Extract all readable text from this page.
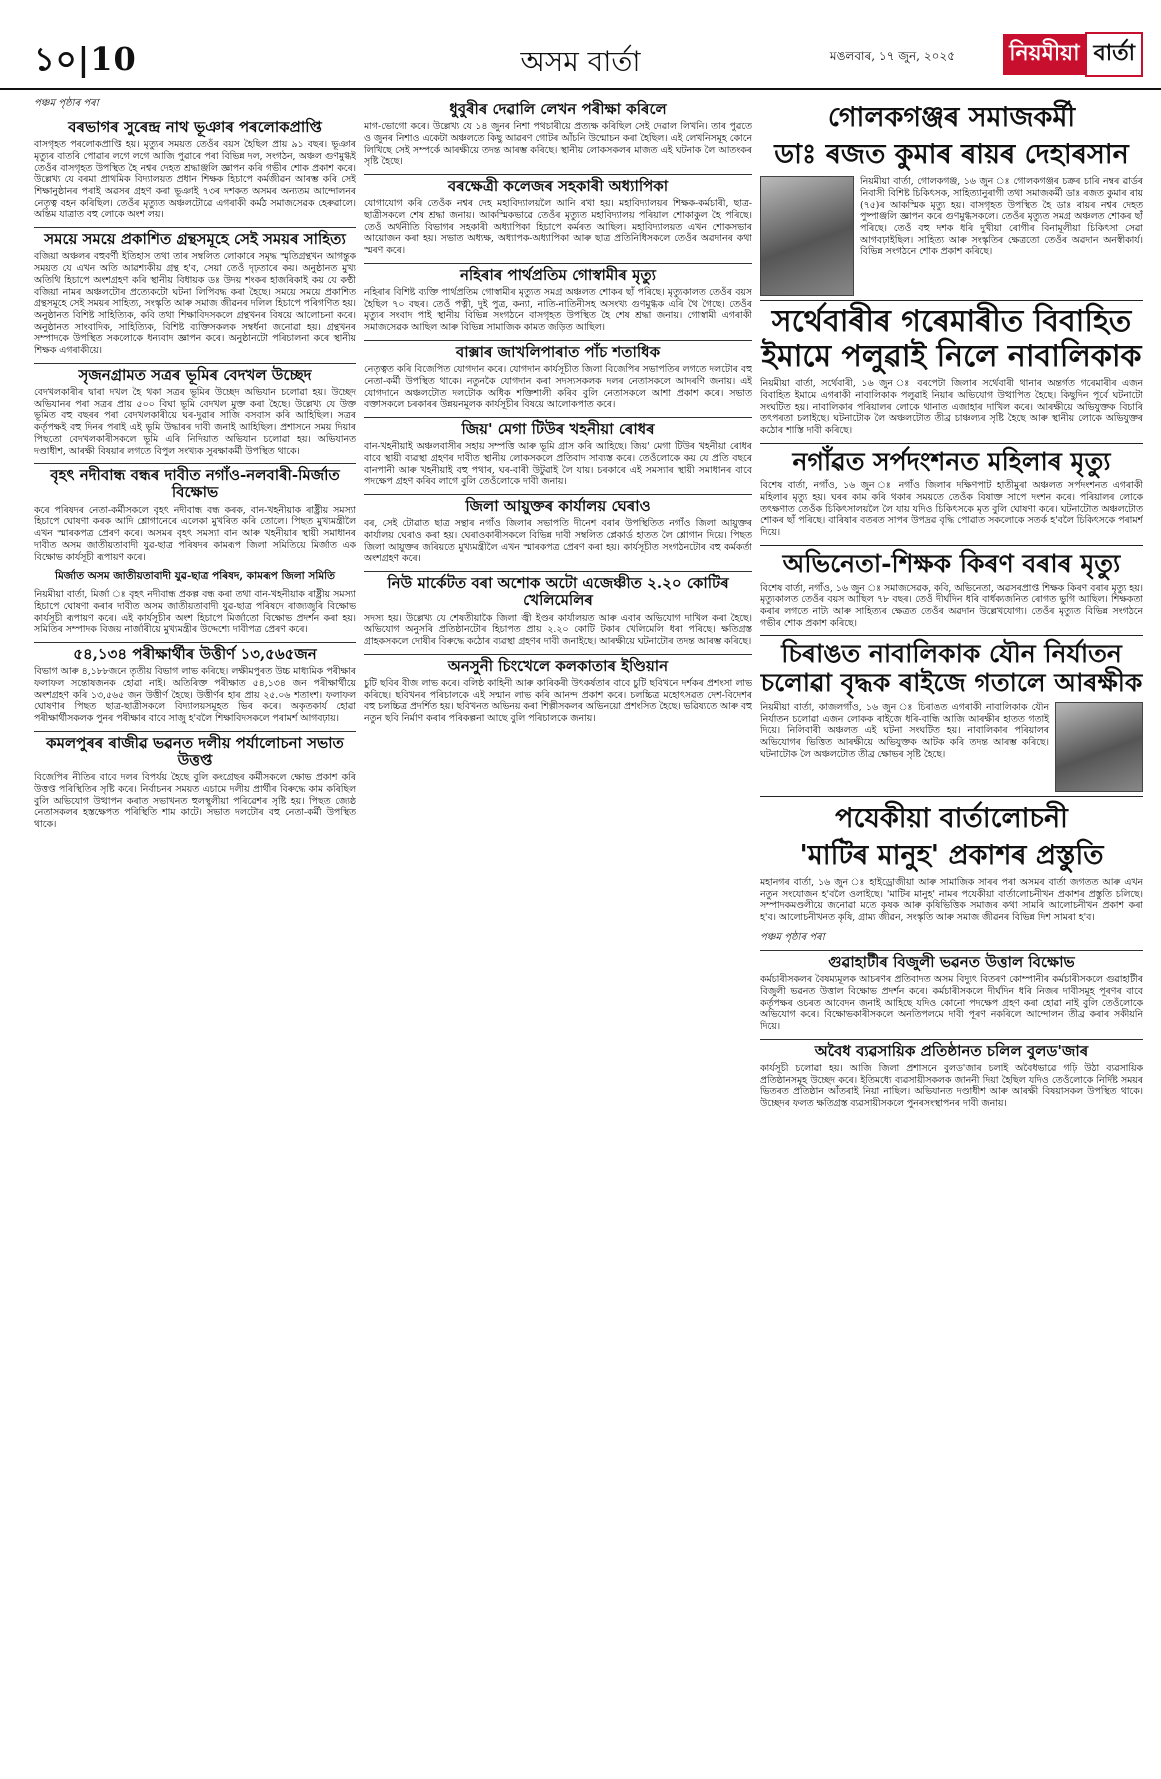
১০|10	অসম বাৰ্তা	মঙলবাৰ, ১৭ জুন, ২০২৫ নিয়মীয়া বাৰ্তা
পঞ্চম পৃষ্ঠাৰ পৰা
বৰভাগৰ সুৰেন্দ্ৰ নাথ ভূঞাৰ পৰলোকপ্ৰাপ্তি

বাসগৃহত পৰলোকপ্ৰাপ্তি হয়। মৃত্যুৰ সময়ত তেওঁৰ বয়স হৈছিল প্ৰায় ৯১ বছৰ। ভূঞাৰ মৃত্যুৰ বাতৰি পোৱাৰ লগে লগে আজি পুৱাৰে পৰা বিভিন্ন দল, সংগঠন, অঞ্চল গুণমুগ্ধই তেওঁৰ বাসগৃহত উপস্থিত হৈ নশ্বৰ দেহত শ্ৰদ্ধাঞ্জলি জ্ঞাপন কৰি গভীৰ শোক প্ৰকাশ কৰে। উল্লেখ্য যে বৰমা প্ৰাথমিক বিদ্যালয়ত প্ৰধান শিক্ষক হিচাপে কৰ্মজীৱন আৰম্ভ কৰি সেই শিক্ষানুষ্ঠানৰ পৰাই অৱসৰ গ্ৰহণ কৰা ভূঞাই ৭৩ৰ দশকত অসমৰ অন্যতম আন্দোলনৰ নেতৃত্ব বহন কৰিছিল। তেওঁৰ মৃত্যুত অঞ্চলটোৱে এগৰাকী কৰ্মঠ সমাজসেৱক হেৰুৱালে। অন্তিম যাত্ৰাত বহু লোকে অংশ লয়।

সময়ে সময়ে প্ৰকাশিত গ্ৰন্থসমূহে সেই সময়ৰ সাহিত্য

বজিয়া অঞ্চলৰ বহুবৰ্ণী ইতিহাস তথা তাৰ সম্বলিত লোকাৰে সমৃদ্ধ স্মৃতিগ্ৰন্থখন আগন্তুক সময়ত যে এখন অতি আৱশ্যকীয় গ্ৰন্থ হ'ব, সেয়া তেওঁ দৃঢ়তাৰে কয়। অনুষ্ঠানত মুখ্য অতিথি হিচাপে অংশগ্ৰহণ কৰি স্থানীয় বিধায়ক ডঃ উদয় শংকৰ হাজৰিকাই কয় যে কণ্ঠী বজিয়া নামৰ অঞ্চলটোৰ প্ৰত্যেকটো ঘটনা লিপিবদ্ধ কৰা হৈছে। সময়ে সময়ে প্ৰকাশিত গ্ৰন্থসমূহে সেই সময়ৰ সাহিত্য, সংস্কৃতি আৰু সমাজ জীৱনৰ দলিল হিচাপে পৰিগণিত হয়। অনুষ্ঠানত বিশিষ্ট সাহিত্যিক, কবি তথা শিক্ষাবিদসকলে গ্ৰন্থখনৰ বিষয়ে আলোচনা কৰে। অনুষ্ঠানত সাংবাদিক, সাহিত্যিক, বিশিষ্ট ব্যক্তিসকলক সম্বৰ্ধনা জনোৱা হয়। গ্ৰন্থখনৰ সম্পাদকে উপস্থিত সকলোকে ধন্যবাদ জ্ঞাপন কৰে। অনুষ্ঠানটো পৰিচালনা কৰে স্থানীয় শিক্ষক এগৰাকীয়ে।

সৃজনগ্ৰামত সত্ৰৰ ভূমিৰ বেদখল উচ্ছেদ

বেদখলকাৰীৰ দ্বাৰা দখল হৈ থকা সত্ৰৰ ভূমিৰ উচ্ছেদ অভিযান চলোৱা হয়। উচ্ছেদ অভিযানৰ পৰা সত্ৰৰ প্ৰায় ৫০০ বিঘা ভূমি বেদখল মুক্ত কৰা হৈছে। উল্লেখ্য যে উক্ত ভূমিত বহু বছৰৰ পৰা বেদখলকাৰীয়ে ঘৰ-দুৱাৰ সাজি বসবাস কৰি আহিছিল। সত্ৰৰ কৰ্তৃপক্ষই বহু দিনৰ পৰাই এই ভূমি উদ্ধাৰৰ দাবী জনাই আহিছিল। প্ৰশাসনে সময় দিয়াৰ পিছতো বেদখলকাৰীসকলে ভূমি এৰি নিদিয়াত অভিযান চলোৱা হয়। অভিযানত দণ্ডাধীশ, আৰক্ষী বিষয়াৰ লগতে বিপুল সংখ্যক সুৰক্ষাকৰ্মী উপস্থিত থাকে।

বৃহৎ নদীবান্ধ বন্ধৰ দাবীত নগাঁও-নলবাৰী-মিৰ্জাত বিক্ষোভ

কৰে পৰিষদৰ নেতা-কৰ্মীসকলে বৃহৎ নদীবান্ধ বন্ধ কৰক, বান-খহনীয়াক ৰাষ্ট্ৰীয় সমস্যা হিচাপে ঘোষণা কৰক আদি শ্লোগানেৰে এলেকা মুখৰিত কৰি তোলে। পিছত মুখ্যমন্ত্ৰীলৈ এখন স্মাৰকপত্ৰ প্ৰেৰণ কৰে। অসমৰ বৃহৎ সমস্যা বান আৰু খহনীয়াৰ স্থায়ী সমাধানৰ দাবীত অসম জাতীয়তাবাদী যুৱ-ছাত্ৰ পৰিষদৰ কামৰূপ জিলা সমিতিয়ে মিৰ্জাত এক বিক্ষোভ কাৰ্যসূচী ৰূপায়ণ কৰে।

মিৰ্জাত অসম জাতীয়তাবাদী যুৱ-ছাত্ৰ পৰিষদ, কামৰূপ জিলা সমিতি

নিয়মীয়া বাৰ্তা, মিৰ্জা ঃ বৃহৎ নদীবান্ধ প্ৰকল্প বন্ধ কৰা তথা বান-খহনীয়াক ৰাষ্ট্ৰীয় সমস্যা হিচাপে ঘোষণা কৰাৰ দাবীত অসম জাতীয়তাবাদী যুৱ-ছাত্ৰ পৰিষদে ৰাজ্যজুৰি বিক্ষোভ কাৰ্যসূচী ৰূপায়ণ কৰে। এই কাৰ্যসূচীৰ অংশ হিচাপে মিৰ্জাতো বিক্ষোভ প্ৰদৰ্শন কৰা হয়। সমিতিৰ সম্পাদক বিজয় নাৰ্জাৰীয়ে মুখ্যমন্ত্ৰীৰ উদ্দেশ্যে দাবীপত্ৰ প্ৰেৰণ কৰে।

৫৪,১৩৪ পৰীক্ষাৰ্থীৰ উত্তীৰ্ণ ১৩,৫৬৫জন

বিভাগ আৰু ৪,১৮৮জনে তৃতীয় বিভাগ লাভ কৰিছে। লক্ষীমপুৰত উচ্চ মাধ্যমিক পৰীক্ষাৰ ফলাফল সন্তোষজনক হোৱা নাই। অতিৰিক্ত পৰীক্ষাত ৫৪,১৩৪ জন পৰীক্ষাৰ্থীয়ে অংশগ্ৰহণ কৰি ১৩,৫৬৫ জন উত্তীৰ্ণ হৈছে। উত্তীৰ্ণৰ হাৰ প্ৰায় ২৫.০৬ শতাংশ। ফলাফল ঘোষণাৰ পিছত ছাত্ৰ-ছাত্ৰীসকলে বিদ্যালয়সমূহত ভিৰ কৰে। অকৃতকাৰ্য হোৱা পৰীক্ষাৰ্থীসকলক পুনৰ পৰীক্ষাৰ বাবে সাজু হ'বলৈ শিক্ষাবিদসকলে পৰামৰ্শ আগবঢ়ায়।

কমলপুৰৰ ৰাজীৱ ভৱনত দলীয় পৰ্যালোচনা সভাত উত্তপ্ত

বিজেপিৰ নীতিৰ বাবে দলৰ বিপৰ্যয় হৈছে বুলি কংগ্ৰেছৰ কৰ্মীসকলে ক্ষোভ প্ৰকাশ কৰি উত্তপ্ত পৰিস্থিতিৰ সৃষ্টি কৰে। নিৰ্বাচনৰ সময়ত এচামে দলীয় প্ৰাৰ্থীৰ বিৰুদ্ধে কাম কৰিছিল বুলি অভিযোগ উত্থাপন কৰাত সভাখনত হুলস্থূলীয়া পৰিৱেশৰ সৃষ্টি হয়। পিছত জ্যেষ্ঠ নেতাসকলৰ হস্তক্ষেপত পৰিস্থিতি শাম কাটে। সভাত দলটোৰ বহু নেতা-কৰ্মী উপস্থিত থাকে।

ধুবুৰীৰ দেৱালি লেখন পৰীক্ষা কৰিলে

মাগ-ভোগো কৰে। উল্লেখ্য যে ১৪ জুনৰ নিশা পথচাৰীয়ে প্ৰত্যক্ষ কৰিছিল সেই দেৱাল লিখনি। তাৰ পুৱতে ও জুনৰ নিশাও একেটা অঞ্চলতে কিছু আৱৰণ গোটৰ আঁচনি উন্মোচন কৰা হৈছিল। এই লেখনিসমূহ কোনে লিখিছে সেই সম্পৰ্কে আৰক্ষীয়ে তদন্ত আৰম্ভ কৰিছে। স্থানীয় লোকসকলৰ মাজত এই ঘটনাক লৈ আতংকৰ সৃষ্টি হৈছে।

বৰক্ষেত্ৰী কলেজৰ সহকাৰী অধ্যাপিকা

যোগাযোগ কৰি তেওঁক নশ্বৰ দেহ মহাবিদ্যালয়লৈ আনি ৰখা হয়। মহাবিদ্যালয়ৰ শিক্ষক-কৰ্মচাৰী, ছাত্ৰ-ছাত্ৰীসকলে শেষ শ্ৰদ্ধা জনায়। আকস্মিকভাৱে তেওঁৰ মৃত্যুত মহাবিদ্যালয় পৰিয়াল শোকাকুল হৈ পৰিছে। তেওঁ অৰ্থনীতি বিভাগৰ সহকাৰী অধ্যাপিকা হিচাপে কৰ্মৰত আছিল। মহাবিদ্যালয়ত এখন শোকসভাৰ আয়োজন কৰা হয়। সভাত অধ্যক্ষ, অধ্যাপক-অধ্যাপিকা আৰু ছাত্ৰ প্ৰতিনিধিসকলে তেওঁৰ অৱদানৰ কথা স্মৰণ কৰে।

নহিৰাৰ পাৰ্থপ্ৰতিম গোস্বামীৰ মৃত্যু

নহিৰাৰ বিশিষ্ট ব্যক্তি পাৰ্থপ্ৰতিম গোস্বামীৰ মৃত্যুত সমগ্ৰ অঞ্চলত শোকৰ ছাঁ পৰিছে। মৃত্যুকালত তেওঁৰ বয়স হৈছিল ৭০ বছৰ। তেওঁ পত্নী, দুই পুত্ৰ, কন্যা, নাতি-নাতিনীসহ অসংখ্য গুণমুগ্ধক এৰি থৈ গৈছে। তেওঁৰ মৃত্যুৰ সংবাদ পাই স্থানীয় বিভিন্ন সংগঠনে বাসগৃহত উপস্থিত হৈ শেষ শ্ৰদ্ধা জনায়। গোস্বামী এগৰাকী সমাজসেৱক আছিল আৰু বিভিন্ন সামাজিক কামত জড়িত আছিল।

বাক্সাৰ জাখলিপাৰাত পাঁচ শতাধিক

নেতৃত্বত কৰি বিজেপিত যোগদান কৰে। যোগদান কাৰ্যসূচীত জিলা বিজেপিৰ সভাপতিৰ লগতে দলটোৰ বহু নেতা-কৰ্মী উপস্থিত থাকে। নতুনকৈ যোগদান কৰা সদস্যসকলক দলৰ নেতাসকলে আদৰণি জনায়। এই যোগদানে অঞ্চলটোত দলটোক অধিক শক্তিশালী কৰিব বুলি নেতাসকলে আশা প্ৰকাশ কৰে। সভাত বক্তাসকলে চৰকাৰৰ উন্নয়নমূলক কাৰ্যসূচীৰ বিষয়ে আলোকপাত কৰে।

জিয়' মেগা টিউৰ খহনীয়া ৰোধৰ

বান-খহনীয়াই অঞ্চলবাসীৰ সহায় সম্পত্তি আৰু ভূমি গ্ৰাস কৰি আহিছে। জিয়' মেগা টিউৰ খহনীয়া ৰোধৰ বাবে স্থায়ী ব্যৱস্থা গ্ৰহণৰ দাবীত স্থানীয় লোকসকলে প্ৰতিবাদ সাব্যস্ত কৰে। তেওঁলোকে কয় যে প্ৰতি বছৰে বানপানী আৰু খহনীয়াই বহু পথাৰ, ঘৰ-বাৰী উটুৱাই লৈ যায়। চৰকাৰে এই সমস্যাৰ স্থায়ী সমাধানৰ বাবে পদক্ষেপ গ্ৰহণ কৰিব লাগে বুলি তেওঁলোকে দাবী জনায়।

জিলা আয়ুক্তৰ কাৰ্যালয় ঘেৰাও

বৰ, সেই টোৱাত ছাত্ৰ সন্থাৰ নগাঁও জিলাৰ সভাপতি দীনেশ বৰাৰ উপস্থিতিত নগাঁও জিলা আয়ুক্তৰ কাৰ্যালয় ঘেৰাও কৰা হয়। ঘেৰাওকাৰীসকলে বিভিন্ন দাবী সম্বলিত প্লেকাৰ্ড হাতত লৈ শ্লোগান দিয়ে। পিছত জিলা আয়ুক্তৰ জৰিয়তে মুখ্যমন্ত্ৰীলৈ এখন স্মাৰকপত্ৰ প্ৰেৰণ কৰা হয়। কাৰ্যসূচীত সংগঠনটোৰ বহু কৰ্মকৰ্তা অংশগ্ৰহণ কৰে।

নিউ মাৰ্কেটত বৰা অশোক অটো এজেঞ্চীত ২.২০ কোটিৰ খেলিমেলিৰ

সদস্য হয়। উল্লেখ্য যে শেষতীয়াকৈ জিলা জ্বী ইণ্ডৰ কাৰ্যালয়ত আৰু এবাৰ অভিযোগ দাখিল কৰা হৈছে। অভিযোগ অনুসৰি প্ৰতিষ্ঠানটোৰ হিচাপত প্ৰায় ২.২০ কোটি টকাৰ খেলিমেলি ধৰা পৰিছে। ক্ষতিগ্ৰস্ত গ্ৰাহকসকলে দোষীৰ বিৰুদ্ধে কঠোৰ ব্যৱস্থা গ্ৰহণৰ দাবী জনাইছে। আৰক্ষীয়ে ঘটনাটোৰ তদন্ত আৰম্ভ কৰিছে।

অনসুনী চিংখেলে কলকাতাৰ ইণ্ডিয়ান

চুটি ছবিৰ বীজ লাভ কৰে। বলিষ্ঠ কাহিনী আৰু কাৰিকৰী উৎকৰ্ষতাৰ বাবে চুটি ছবিখনে দৰ্শকৰ প্ৰশংসা লাভ কৰিছে। ছবিখনৰ পৰিচালকে এই সন্মান লাভ কৰি আনন্দ প্ৰকাশ কৰে। চলচ্চিত্ৰ মহোৎসৱত দেশ-বিদেশৰ বহু চলচ্চিত্ৰ প্ৰদৰ্শিত হয়। ছবিখনত অভিনয় কৰা শিল্পীসকলৰ অভিনয়ো প্ৰশংসিত হৈছে। ভৱিষ্যতে আৰু বহু নতুন ছবি নিৰ্মাণ কৰাৰ পৰিকল্পনা আছে বুলি পৰিচালকে জনায়।

গোলকগঞ্জৰ সমাজকৰ্মী
ডাঃ ৰজত কুমাৰ ৰায়ৰ দেহাৰসান

নিয়মীয়া বাৰ্তা, গোলকগঞ্জ, ১৬ জুন ঃ গোলকগঞ্জৰ চক্ৰৰ চাৰি নম্বৰ ৱাৰ্ডৰ নিবাসী বিশিষ্ট চিকিৎসক, সাহিত্যানুৰাগী তথা সমাজকৰ্মী ডাঃ ৰজত কুমাৰ ৰায় (৭৫)ৰ আকস্মিক মৃত্যু হয়। বাসগৃহত উপস্থিত হৈ ডাঃ ৰায়ৰ নশ্বৰ দেহত পুষ্পাঞ্জলি জ্ঞাপন কৰে গুণমুগ্ধসকলে। তেওঁৰ মৃত্যুত সমগ্ৰ অঞ্চলত শোকৰ ছাঁ পৰিছে। তেওঁ বহু দশক ধৰি দুখীয়া ৰোগীৰ বিনামূলীয়া চিকিৎসা সেৱা আগবঢ়াইছিল। সাহিত্য আৰু সংস্কৃতিৰ ক্ষেত্ৰতো তেওঁৰ অৱদান অনস্বীকাৰ্য। বিভিন্ন সংগঠনে শোক প্ৰকাশ কৰিছে।

সৰ্থেবাৰীৰ গৰেমাৰীত বিবাহিত ইমামে পলুৱাই নিলে নাবালিকাক

নিয়মীয়া বাৰ্তা, সৰ্থেবাৰী, ১৬ জুন ঃ বৰপেটা জিলাৰ সৰ্থেবাৰী থানাৰ অন্তৰ্গত গৰেমাৰীৰ এজন বিবাহিত ইমামে এগৰাকী নাবালিকাক পলুৱাই নিয়াৰ অভিযোগ উত্থাপিত হৈছে। কিছুদিন পূৰ্বে ঘটনাটো সংঘটিত হয়। নাবালিকাৰ পৰিয়ালৰ লোকে থানাত এজাহাৰ দাখিল কৰে। আৰক্ষীয়ে অভিযুক্তক বিচাৰি তৎপৰতা চলাইছে। ঘটনাটোক লৈ অঞ্চলটোত তীব্ৰ চাঞ্চল্যৰ সৃষ্টি হৈছে আৰু স্থানীয় লোকে অভিযুক্তৰ কঠোৰ শাস্তি দাবী কৰিছে।

নগাঁৱত সৰ্পদংশনত মহিলাৰ মৃত্যু

বিশেষ বাৰ্তা, নগাঁও, ১৬ জুন ঃ নগাঁও জিলাৰ দক্ষিণপাট হাতীমুৰা অঞ্চলত সৰ্পদংশনত এগৰাকী মহিলাৰ মৃত্যু হয়। ঘৰৰ কাম কৰি থকাৰ সময়তে তেওঁক বিষাক্ত সাপে দংশন কৰে। পৰিয়ালৰ লোকে তৎক্ষণাত তেওঁক চিকিৎসালয়লৈ লৈ যায় যদিও চিকিৎসকে মৃত বুলি ঘোষণা কৰে। ঘটনাটোত অঞ্চলটোত শোকৰ ছাঁ পৰিছে। বাৰিষাৰ বতৰত সাপৰ উপদ্ৰৱ বৃদ্ধি পোৱাত সকলোকে সতৰ্ক হ'বলৈ চিকিৎসকে পৰামৰ্শ দিয়ে।

অভিনেতা-শিক্ষক কিৰণ বৰাৰ মৃত্যু

বিশেষ বাৰ্তা, নগাঁও, ১৬ জুন ঃ সমাজসেৱক, কবি, অভিনেতা, অৱসৰপ্ৰাপ্ত শিক্ষক কিৰণ বৰাৰ মৃত্যু হয়। মৃত্যুকালত তেওঁৰ বয়স আছিল ৭৮ বছৰ। তেওঁ দীৰ্ঘদিন ধৰি বাৰ্ধক্যজনিত ৰোগত ভুগি আছিল। শিক্ষকতা কৰাৰ লগতে নাট্য আৰু সাহিত্যৰ ক্ষেত্ৰত তেওঁৰ অৱদান উল্লেখযোগ্য। তেওঁৰ মৃত্যুত বিভিন্ন সংগঠনে গভীৰ শোক প্ৰকাশ কৰিছে।

চিৰাঙত নাবালিকাক যৌন নিৰ্যাতন চলোৱা বৃদ্ধক ৰাইজে গতালে আৰক্ষীক

নিয়মীয়া বাৰ্তা, কাজলগাঁও, ১৬ জুন ঃ চিৰাঙত এগৰাকী নাবালিকাক যৌন নিৰ্যাতন চলোৱা এজন লোকক ৰাইজে ধৰি-বান্ধি আজি আৰক্ষীৰ হাতত গতাই দিয়ে। নিলিবাৰী অঞ্চলত এই ঘটনা সংঘটিত হয়। নাবালিকাৰ পৰিয়ালৰ অভিযোগৰ ভিত্তিত আৰক্ষীয়ে অভিযুক্তক আটক কৰি তদন্ত আৰম্ভ কৰিছে। ঘটনাটোক লৈ অঞ্চলটোত তীব্ৰ ক্ষোভৰ সৃষ্টি হৈছে।

পযেকীয়া বাৰ্তালোচনী
'মাটিৰ মানুহ' প্ৰকাশৰ প্ৰস্তুতি

মহানগৰ বাৰ্তা, ১৬ জুন ঃ হাইড্ৰোজীয়া আৰু সামাজিক সাৰৰ পৰা অসমৰ বাৰ্তা জগতত আৰু এখন নতুন সংযোজন হ'বলৈ ওলাইছে। 'মাটিৰ মানুহ' নামৰ পযেকীয়া বাৰ্তালোচনীখন প্ৰকাশৰ প্ৰস্তুতি চলিছে। সম্পাদকমণ্ডলীয়ে জনোৱা মতে কৃষক আৰু কৃষিভিত্তিক সমাজৰ কথা সামৰি আলোচনীখন প্ৰকাশ কৰা হ'ব। আলোচনীখনত কৃষি, গ্ৰাম্য জীৱন, সংস্কৃতি আৰু সমাজ জীৱনৰ বিভিন্ন দিশ সামৰা হ'ব।

পঞ্চম পৃষ্ঠাৰ পৰা
গুৱাহাটীৰ বিজুলী ভৱনত উত্তাল বিক্ষোভ

কৰ্মচাৰীসকলৰ বৈষম্যমূলক আচৰণৰ প্ৰতিবাদত অসম বিদ্যুৎ বিতৰণ কোম্পানীৰ কৰ্মচাৰীসকলে গুৱাহাটীৰ বিজুলী ভৱনত উত্তাল বিক্ষোভ প্ৰদৰ্শন কৰে। কৰ্মচাৰীসকলে দীৰ্ঘদিন ধৰি নিজৰ দাবীসমূহ পূৰণৰ বাবে কৰ্তৃপক্ষৰ ওচৰত আবেদন জনাই আহিছে যদিও কোনো পদক্ষেপ গ্ৰহণ কৰা হোৱা নাই বুলি তেওঁলোকে অভিযোগ কৰে। বিক্ষোভকাৰীসকলে অনতিপলমে দাবী পূৰণ নকৰিলে আন্দোলন তীব্ৰ কৰাৰ সকীয়নি দিয়ে।

অবৈধ ব্যৱসায়িক প্ৰতিষ্ঠানত চলিল বুলড'জাৰ

কাৰ্যসূচী চলোৱা হয়। আজি জিলা প্ৰশাসনে বুলড'জাৰ চলাই অবৈধভাৱে গঢ়ি উঠা ব্যৱসায়িক প্ৰতিষ্ঠানসমূহ উচ্ছেদ কৰে। ইতিমধ্যে ব্যৱসায়ীসকলক জাননী দিয়া হৈছিল যদিও তেওঁলোকে নিৰ্দিষ্ট সময়ৰ ভিতৰত প্ৰতিষ্ঠান আঁতৰাই নিয়া নাছিল। অভিযানত দণ্ডাধীশ আৰু আৰক্ষী বিষয়াসকল উপস্থিত থাকে। উচ্ছেদৰ ফলত ক্ষতিগ্ৰস্ত ব্যৱসায়ীসকলে পুনৰসংস্থাপনৰ দাবী জনায়।
